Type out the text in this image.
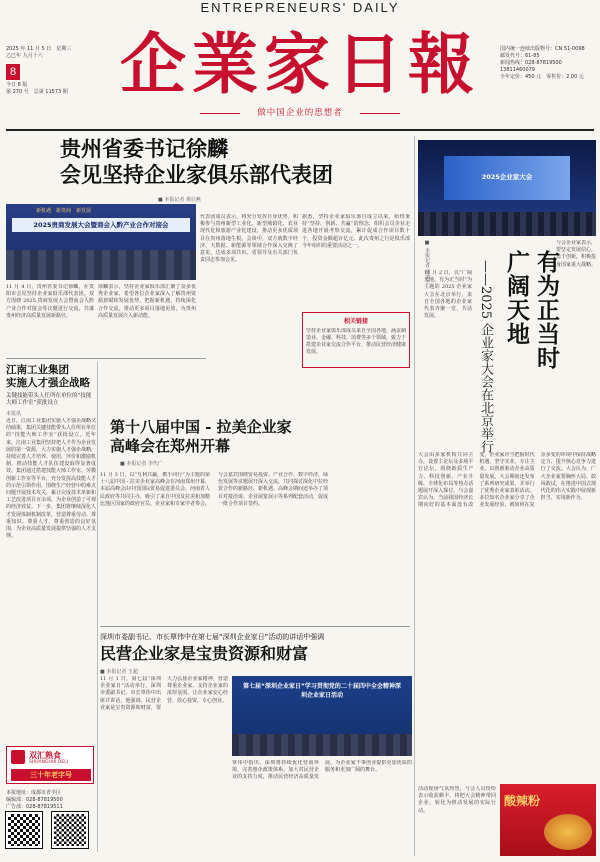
ENTREPRENEURS' DAILY
2025 年 11 月 5 日　星期三
乙巳年 九月十六
8
今日 8 版
第 270 号　总第 11573 期 企業家日報
做中国企业的思想者
国内统一连续出版物号：CN 51-0098
邮发代号：61-85
新闻热线：028-87819500
13811460079
全年定价：450 元　零售价：2.00 元
贵州省委书记徐麟
会见坚持企业家俱乐部代表团
■ 本报记者 黄启燕
新机遇　新贵商　新发展
2025贵商发展大会暨商会入黔产业合作对接会
11 月 4 日，贵州省委书记徐麟，在贵阳市会见坚持企业家俱乐部代表团。双方围绕 2025 贵商发展大会暨商会入黔产业合作对接会等议题进行交流，共谋贵州经济高质量发展新路径。
徐麟表示，坚持企业家俱乐部汇聚了众多优秀企业家，希望各位企业家深入了解贵州资源禀赋和发展优势，把握新机遇，持续深化合作交流，推动更多项目落地见效，为贵州高质量发展注入新动能。
代表团成员表示，将充分发挥自身优势，积极参与贵州新型工业化、新型城镇化、农业现代化和旅游产业化建设，推动更多优质项目在贵州落地生根。会谈中，双方就数字经济、大数据、新能源等领域合作深入交换了意见，达成多项共识。省领导及有关部门负责同志参加会见。
据悉，坚持企业家俱乐部自成立以来，始终秉持“坚持、创新、共赢”的理念，组织会员企业走进各地开展考察交流，累计促成合作项目数十个，投资金额超百亿元。此次贵州之行是俱乐部今年组织的重要活动之一。
相关链接
坚持企业家俱乐部成员来自全国各地，涵盖制造业、金融、科技、消费等多个领域，致力于搭建企业家交流合作平台，推动民营经济健康发展。
江南工业集团
实施人才强企战略
关键技能带头人任所在单位的“技能大师工作室”获批设立
本报讯
近日，江南工业集团实施人才强企战略又结硕果，集团关键技能带头人任所在单位的“技能大师工作室”获批设立。近年来，江南工业集团坚持把人才作为企业发展的第一资源，大力实施人才强企战略，持续完善人才培养、使用、评价和激励机制，推动技能人才队伍建设取得显著成效。集团通过搭建技能大师工作室、劳模创新工作室等平台，充分发挥高技能人才的示范引领作用，围绕生产经营中的难点问题开展技术攻关，累计完成技术革新和工艺改进项目百余项，为企业创造了可观的经济效益。下一步，集团将继续深化人才发展体制机制改革，营造尊重劳动、尊重知识、尊重人才、尊重创造的良好氛围，为企业高质量发展提供坚强的人才支撑。
第十八届中国 - 拉美企业家
高峰会在郑州开幕
■ 本报记者 李代广
11 月 3 日，以“互利共赢，携手同行”为主题的第十八届中国 - 拉美企业家高峰会在河南郑州开幕。本届高峰会由中国国际贸易促进委员会、河南省人民政府等共同主办，吸引了来自中国及拉美和加勒比地区国家的政府官员、企业家和专家学者参会。与会嘉宾围绕贸易投资、产业合作、数字经济、绿色发展等议题展开深入交流，共同探讨深化中拉经贸合作的新路径、新机遇。高峰会期间还举办了项目对接洽谈、企业展览展示等系列配套活动，促成一批合作项目签约。
深圳市委副书记、市长覃伟中在第七届“深圳企业家日”活动的讲话中强调
民营企业家是宝贵资源和财富
■ 本报记者 王超
第七届“深圳企业家日”学习贯彻党的二十届四中全会精神深圳企业家日活动
11 月 1 日，第七届“深圳企业家日”活动举行。深圳市委副书记、市长覃伟中出席并讲话，他强调，民营企业家是宝贵资源和财富，要大力弘扬企业家精神，营造尊重企业家、支持企业家的浓厚氛围，让企业家安心经营、放心投资、专心创业。
覃伟中指出，深圳将持续优化营商环境，完善惠企政策体系，加大对民营企业的支持力度，推动民营经济高质量发展，为企业家干事创业提供更加优质的服务和更加广阔的舞台。
双汇熟食
SHUANGHUI DELI
三十年老字号
本报地址：成都市青羊区
编辑部：028-87819500
广告部：028-87819511
2025企业家大会
■ 本报记者 胡清平
11 月 2 日，以“广阔天地，有为正当时”为主题的 2025 企业家大会在北京举行，来自全国各地的企业家代表齐聚一堂，共话发展。	——2025 企业家大会在北京举行 广阔天地 有为正当时
与会企业家表示，要坚定发展信心，勇于创新，积极投身国家重大战略。
大会由多家机构共同主办，设置主论坛及多场平行论坛，围绕新质生产力、科技创新、产业升级、全球化布局等热点话题展开深入探讨。与会嘉宾认为，当前我国经济长期向好的基本面没有改变，企业家应当把握时代机遇，坚守实业、专注主业，以创新驱动企业高质量发展。大会期间还发布了系列研究成果，并举行了优秀企业家表彰活动。多位知名企业家分享了企业发展经验，就如何在复杂多变的环境中保持战略定力、提升核心竞争力进行了交流。大会认为，广大企业家要胸怀大局、敢闯敢试，在推进中国式现代化的伟大实践中展现新担当、实现新作为。
活动现场气氛热烈，与会人员纷纷表示收获颇丰，将把大会精神带回企业，转化为推动发展的实际行动。
酸辣粉
